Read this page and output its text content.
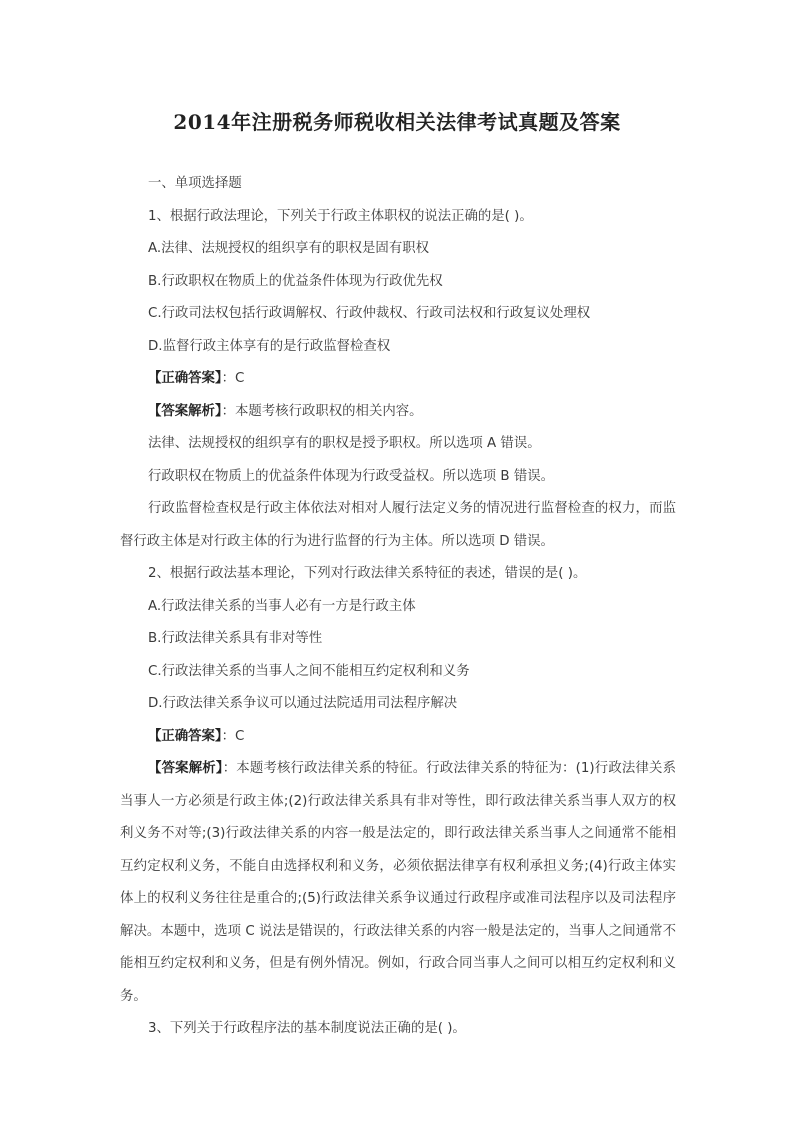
2014年注册税务师税收相关法律考试真题及答案

一、单项选择题

1、根据行政法理论，下列关于行政主体职权的说法正确的是( )。

A.法律、法规授权的组织享有的职权是固有职权

B.行政职权在物质上的优益条件体现为行政优先权

C.行政司法权包括行政调解权、行政仲裁权、行政司法权和行政复议处理权

D.监督行政主体享有的是行政监督检查权

【正确答案】：C

【答案解析】：本题考核行政职权的相关内容。

法律、法规授权的组织享有的职权是授予职权。所以选项 A 错误。

行政职权在物质上的优益条件体现为行政受益权。所以选项 B 错误。

行政监督检查权是行政主体依法对相对人履行法定义务的情况进行监督检查的权力，而监督行政主体是对行政主体的行为进行监督的行为主体。所以选项 D 错误。

2、根据行政法基本理论，下列对行政法律关系特征的表述，错误的是( )。

A.行政法律关系的当事人必有一方是行政主体

B.行政法律关系具有非对等性

C.行政法律关系的当事人之间不能相互约定权利和义务

D.行政法律关系争议可以通过法院适用司法程序解决

【正确答案】：C

【答案解析】：本题考核行政法律关系的特征。行政法律关系的特征为：(1)行政法律关系当事人一方必须是行政主体;(2)行政法律关系具有非对等性，即行政法律关系当事人双方的权利义务不对等;(3)行政法律关系的内容一般是法定的，即行政法律关系当事人之间通常不能相互约定权利义务，不能自由选择权利和义务，必须依据法律享有权利承担义务;(4)行政主体实体上的权利义务往往是重合的;(5)行政法律关系争议通过行政程序或准司法程序以及司法程序解决。本题中，选项 C 说法是错误的，行政法律关系的内容一般是法定的，当事人之间通常不能相互约定权利和义务，但是有例外情况。例如，行政合同当事人之间可以相互约定权利和义务。

3、下列关于行政程序法的基本制度说法正确的是( )。
